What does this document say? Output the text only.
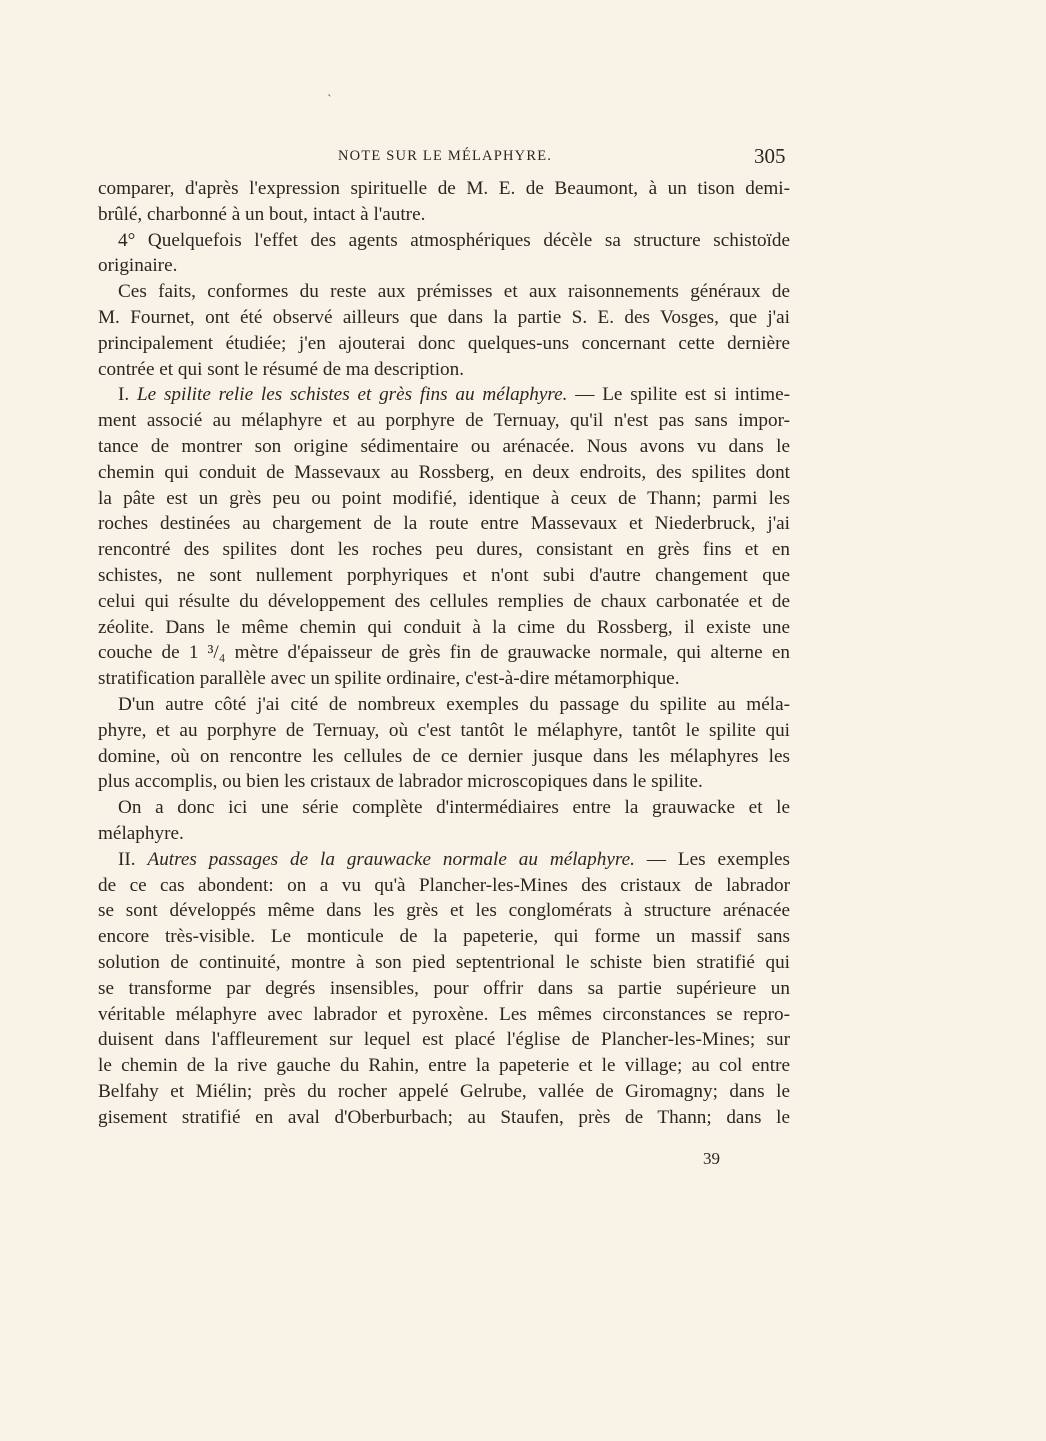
ˋ
NOTE SUR LE MÉLAPHYRE.	305
comparer, d'après l'expression spirituelle de M. E. de Beaumont, à un tison demi-
brûlé, charbonné à un bout, intact à l'autre.
4° Quelquefois l'effet des agents atmosphériques décèle sa structure schistoïde
originaire.
Ces faits, conformes du reste aux prémisses et aux raisonnements généraux de
M. Fournet, ont été observé ailleurs que dans la partie S. E. des Vosges, que j'ai
principalement étudiée; j'en ajouterai donc quelques-uns concernant cette dernière
contrée et qui sont le résumé de ma description.
I. Le spilite relie les schistes et grès fins au mélaphyre. — Le spilite est si intime-
ment associé au mélaphyre et au porphyre de Ternuay, qu'il n'est pas sans impor-
tance de montrer son origine sédimentaire ou arénacée. Nous avons vu dans le
chemin qui conduit de Massevaux au Rossberg, en deux endroits, des spilites dont
la pâte est un grès peu ou point modifié, identique à ceux de Thann; parmi les
roches destinées au chargement de la route entre Massevaux et Niederbruck, j'ai
rencontré des spilites dont les roches peu dures, consistant en grès fins et en
schistes, ne sont nullement porphyriques et n'ont subi d'autre changement que
celui qui résulte du développement des cellules remplies de chaux carbonatée et de
zéolite. Dans le même chemin qui conduit à la cime du Rossberg, il existe une
couche de 1 ³/₄ mètre d'épaisseur de grès fin de grauwacke normale, qui alterne en
stratification parallèle avec un spilite ordinaire, c'est-à-dire métamorphique.
D'un autre côté j'ai cité de nombreux exemples du passage du spilite au méla-
phyre, et au porphyre de Ternuay, où c'est tantôt le mélaphyre, tantôt le spilite qui
domine, où on rencontre les cellules de ce dernier jusque dans les mélaphyres les
plus accomplis, ou bien les cristaux de labrador microscopiques dans le spilite.
On a donc ici une série complète d'intermédiaires entre la grauwacke et le
mélaphyre.
II. Autres passages de la grauwacke normale au mélaphyre. — Les exemples
de ce cas abondent: on a vu qu'à Plancher-les-Mines des cristaux de labrador
se sont développés même dans les grès et les conglomérats à structure arénacée
encore très-visible. Le monticule de la papeterie, qui forme un massif sans
solution de continuité, montre à son pied septentrional le schiste bien stratifié qui
se transforme par degrés insensibles, pour offrir dans sa partie supérieure un
véritable mélaphyre avec labrador et pyroxène. Les mêmes circonstances se repro-
duisent dans l'affleurement sur lequel est placé l'église de Plancher-les-Mines; sur
le chemin de la rive gauche du Rahin, entre la papeterie et le village; au col entre
Belfahy et Miélin; près du rocher appelé Gelrube, vallée de Giromagny; dans le
gisement stratifié en aval d'Oberburbach; au Staufen, près de Thann; dans le
39
